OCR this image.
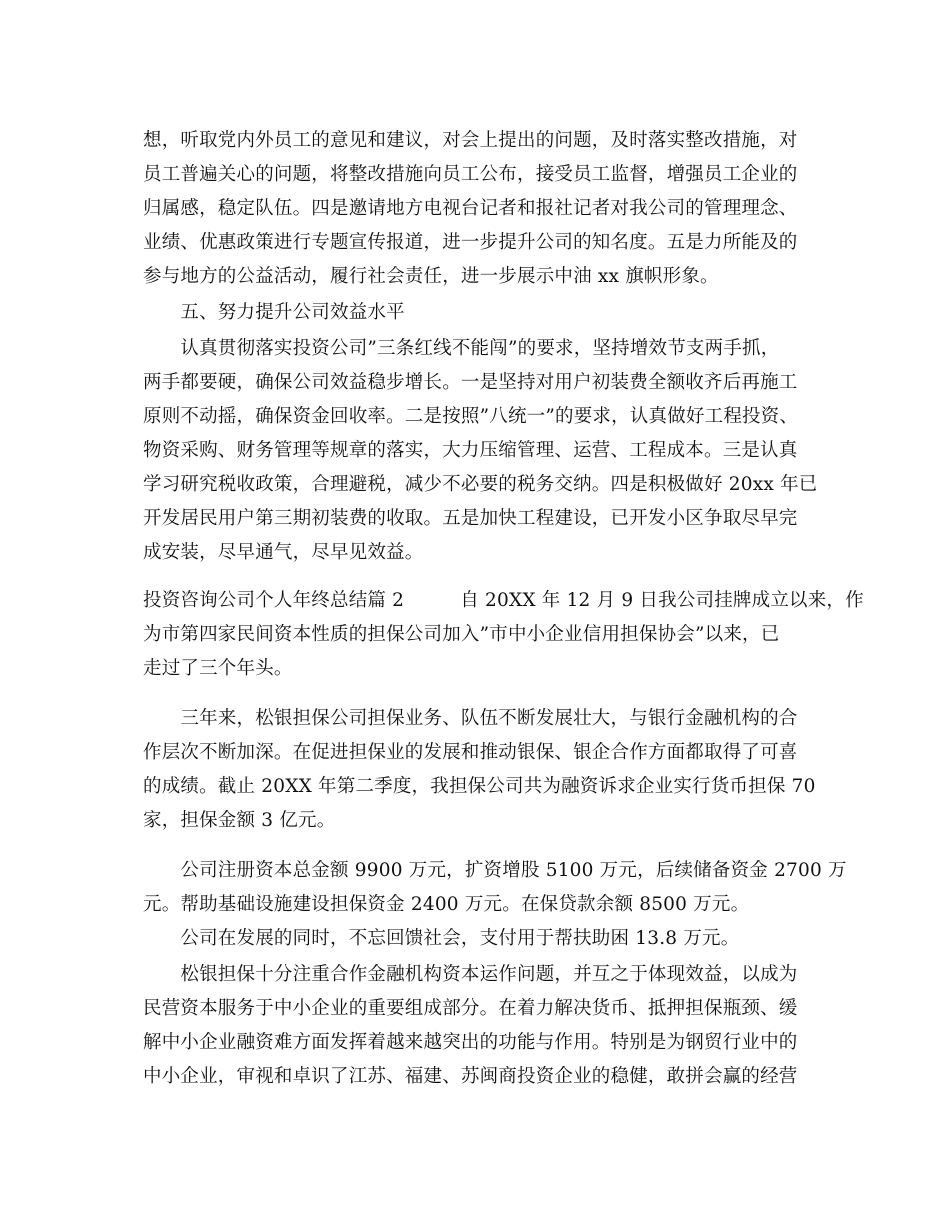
想，听取党内外员工的意见和建议，对会上提出的问题，及时落实整改措施，对
员工普遍关心的问题，将整改措施向员工公布，接受员工监督，增强员工企业的
归属感，稳定队伍。四是邀请地方电视台记者和报社记者对我公司的管理理念、
业绩、优惠政策进行专题宣传报道，进一步提升公司的知名度。五是力所能及的
参与地方的公益活动，履行社会责任，进一步展示中油 xx 旗帜形象。
　　五、努力提升公司效益水平
　　认真贯彻落实投资公司”三条红线不能闯”的要求，坚持增效节支两手抓，
两手都要硬，确保公司效益稳步增长。一是坚持对用户初装费全额收齐后再施工
原则不动摇，确保资金回收率。二是按照”八统一”的要求，认真做好工程投资、
物资采购、财务管理等规章的落实，大力压缩管理、运营、工程成本。三是认真
学习研究税收政策，合理避税，减少不必要的税务交纳。四是积极做好 20xx 年已
开发居民用户第三期初装费的收取。五是加快工程建设，已开发小区争取尽早完
成安装，尽早通气，尽早见效益。
投资咨询公司个人年终总结篇 2　　　自 20XX 年 12 月 9 日我公司挂牌成立以来，作
为市第四家民间资本性质的担保公司加入”市中小企业信用担保协会”以来，已
走过了三个年头。
　　三年来，松银担保公司担保业务、队伍不断发展壮大，与银行金融机构的合
作层次不断加深。在促进担保业的发展和推动银保、银企合作方面都取得了可喜
的成绩。截止 20XX 年第二季度，我担保公司共为融资诉求企业实行货币担保 70
家，担保金额 3 亿元。
　　公司注册资本总金额 9900 万元，扩资增股 5100 万元，后续储备资金 2700 万
元。帮助基础设施建设担保资金 2400 万元。在保贷款余额 8500 万元。
　　公司在发展的同时，不忘回馈社会，支付用于帮扶助困 13.8 万元。
　　松银担保十分注重合作金融机构资本运作问题，并互之于体现效益，以成为
民营资本服务于中小企业的重要组成部分。在着力解决货币、抵押担保瓶颈、缓
解中小企业融资难方面发挥着越来越突出的功能与作用。特别是为钢贸行业中的
中小企业，审视和卓识了江苏、福建、苏闽商投资企业的稳健，敢拼会赢的经营
